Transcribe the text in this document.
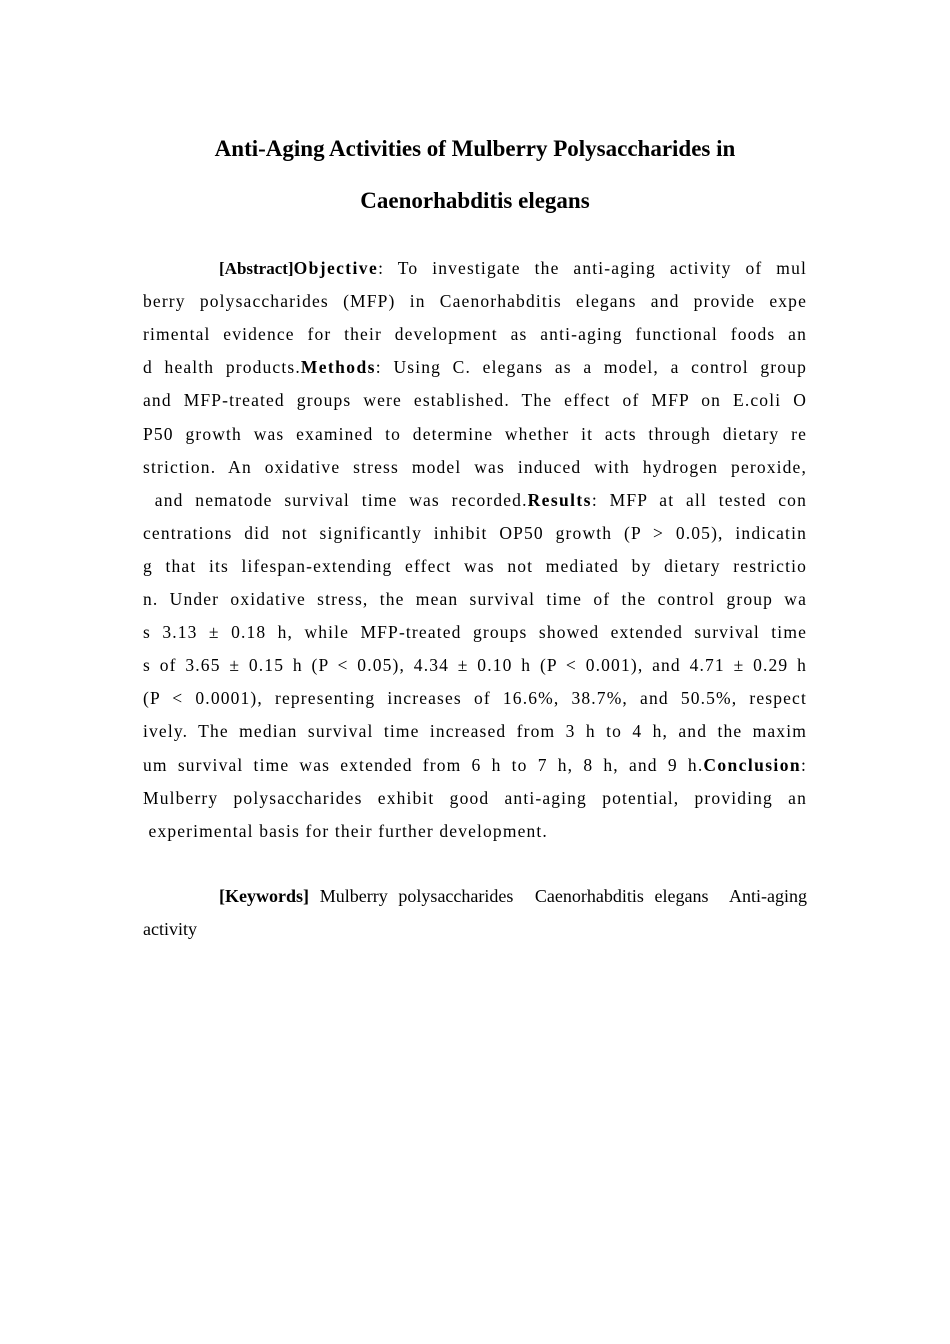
Anti-Aging Activities of Mulberry Polysaccharides in
Caenorhabditis elegans
[Abstract]Objective: To investigate the anti-aging activity of mul
berry polysaccharides (MFP) in Caenorhabditis elegans and provide expe
rimental evidence for their development as anti-aging functional foods an
d health products.Methods: Using C. elegans as a model, a control group
and MFP-treated groups were established. The effect of MFP on E.coli O
P50 growth was examined to determine whether it acts through dietary re
striction. An oxidative stress model was induced with hydrogen peroxide,
and nematode survival time was recorded.Results: MFP at all tested con
centrations did not significantly inhibit OP50 growth (P > 0.05), indicatin
g that its lifespan-extending effect was not mediated by dietary restrictio
n. Under oxidative stress, the mean survival time of the control group wa
s 3.13 ± 0.18 h, while MFP-treated groups showed extended survival time
s of 3.65 ± 0.15 h (P < 0.05), 4.34 ± 0.10 h (P < 0.001), and 4.71 ± 0.29 h
(P < 0.0001), representing increases of 16.6%, 38.7%, and 50.5%, respect
ively. The median survival time increased from 3 h to 4 h, and the maxim
um survival time was extended from 6 h to 7 h, 8 h, and 9 h.Conclusion:
Mulberry polysaccharides exhibit good anti-aging potential, providing an
experimental basis for their further development.
[Keywords] Mulberry polysaccharides  Caenorhabditis elegans  Anti-aging
activity
